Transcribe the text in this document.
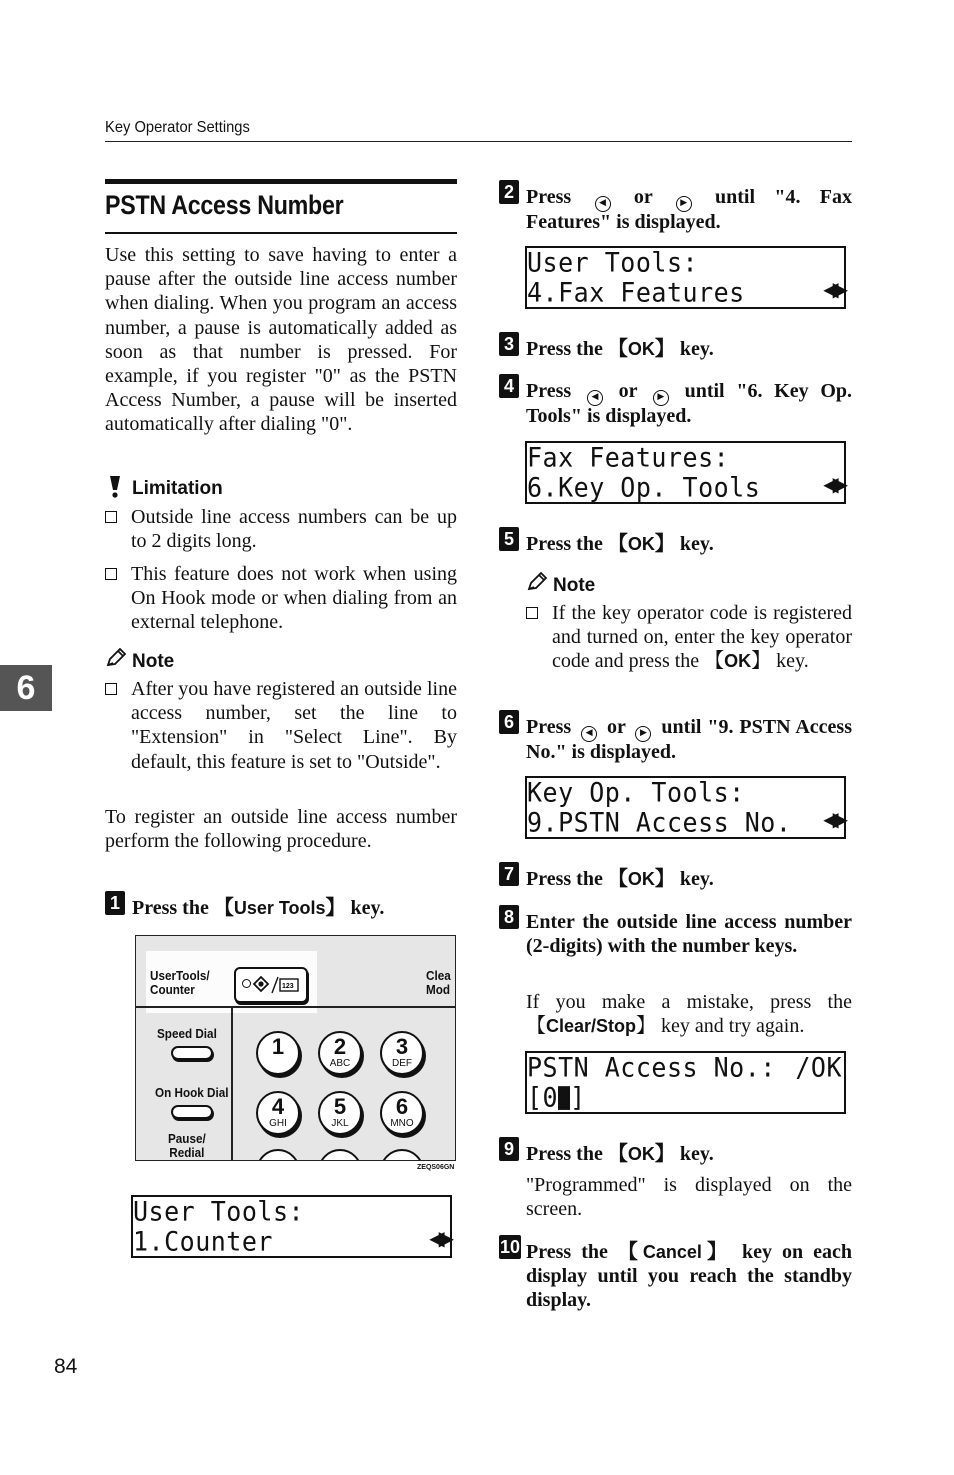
Key Operator Settings
6
PSTN Access Number
Use this setting to save having to enter a pause after the outside line access number when dialing. When you program an access number, a pause is automatically added as soon as that number is pressed. For example, if you register "0" as the PSTN Access Number, a pause will be inserted automatically after dialing "0".
Limitation
Outside line access numbers can be up to 2 digits long.
This feature does not work when using On Hook mode or when dialing from an external telephone.
Note
After you have registered an outside line access number, set the line to "Extension" in "Select Line". By default, this feature is set to "Outside".
To register an outside line access number perform the following procedure.
1 Press the 【User Tools】 key.
UserTools/
Counter	123
Clea
Mod
Speed Dial
On Hook Dial
Pause/
Redial
1	2
ABC
3
DEF
4
GHI
5
JKL
6
MNO
ZEQS06GN
User Tools:
1.Counter	◀▶
2 Press ◀ or ▶ until "4. Fax Features" is displayed.
User Tools:
4.Fax Features	◀▶
3 Press the 【OK】 key.
4 Press ◀ or ▶ until "6. Key Op. Tools" is displayed.
Fax Features:
6.Key Op. Tools	◀▶
5 Press the 【OK】 key.
Note
If the key operator code is registered and turned on, enter the key operator code and press the 【OK】 key.
6 Press ◀ or ▶ until "9. PSTN Access No." is displayed.
Key Op. Tools:
9.PSTN Access No. ◀▶
7 Press the 【OK】 key.
8 Enter the outside line access number (2-digits) with the number keys.
If you make a mistake, press the 【Clear/Stop】 key and try again.
PSTN Access No.: /OK
[0 ]
9 Press the 【OK】 key.
"Programmed" is displayed on the screen.
10 Press the 【Cancel】 key on each display until you reach the standby display.
84
